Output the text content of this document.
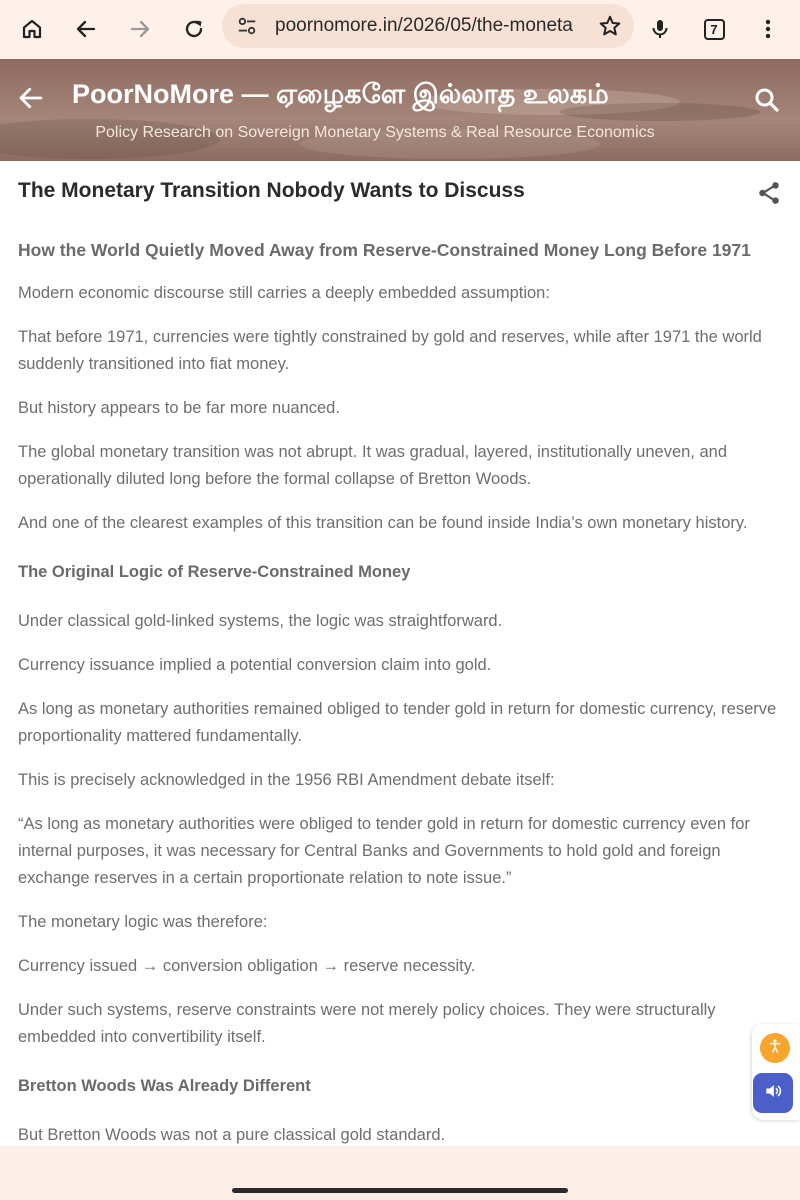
poornomore.in/2026/05/the-moneta	7
PoorNoMore — ஏழைகளே இல்லாத உலகம்
Policy Research on Sovereign Monetary Systems & Real Resource Economics
The Monetary Transition Nobody Wants to Discuss
How the World Quietly Moved Away from Reserve-Constrained Money Long Before 1971

Modern economic discourse still carries a deeply embedded assumption:

That before 1971, currencies were tightly constrained by gold and reserves, while after 1971 the world suddenly transitioned into fiat money.

But history appears to be far more nuanced.

The global monetary transition was not abrupt. It was gradual, layered, institutionally uneven, and operationally diluted long before the formal collapse of Bretton Woods.

And one of the clearest examples of this transition can be found inside India’s own monetary history.

The Original Logic of Reserve-Constrained Money

Under classical gold-linked systems, the logic was straightforward.

Currency issuance implied a potential conversion claim into gold.

As long as monetary authorities remained obliged to tender gold in return for domestic currency, reserve proportionality mattered fundamentally.

This is precisely acknowledged in the 1956 RBI Amendment debate itself:

“As long as monetary authorities were obliged to tender gold in return for domestic currency even for internal purposes, it was necessary for Central Banks and Governments to hold gold and foreign exchange reserves in a certain proportionate relation to note issue.”

The monetary logic was therefore:

Currency issued → conversion obligation → reserve necessity.

Under such systems, reserve constraints were not merely policy choices. They were structurally embedded into convertibility itself.

Bretton Woods Was Already Different

But Bretton Woods was not a pure classical gold standard.
